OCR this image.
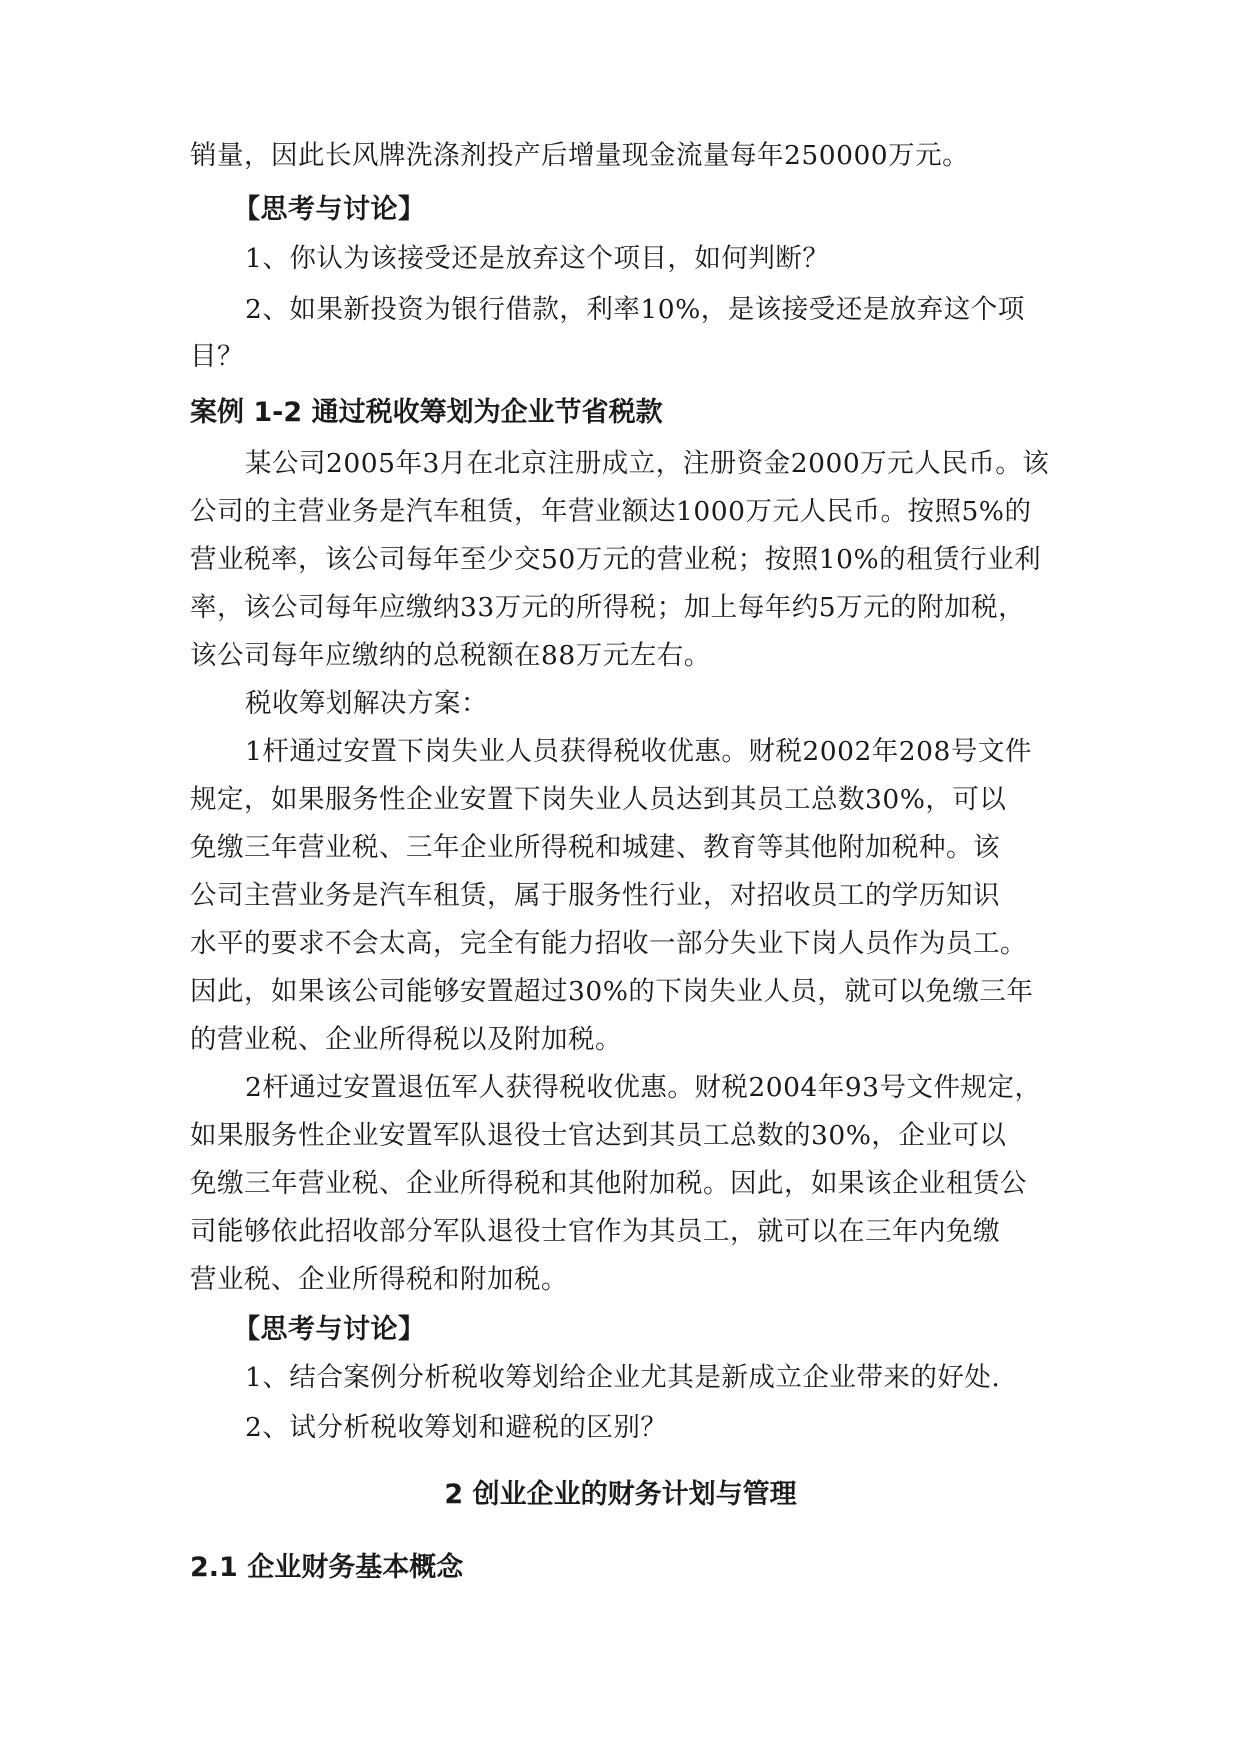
销量，因此长风牌洗涤剂投产后增量现金流量每年250000万元。
【思考与讨论】
1、你认为该接受还是放弃这个项目，如何判断？
2、如果新投资为银行借款，利率10%，是该接受还是放弃这个项
目？
案例 1-2 通过税收筹划为企业节省税款
某公司2005年3月在北京注册成立，注册资金2000万元人民币。该
公司的主营业务是汽车租赁，年营业额达1000万元人民币。按照5%的
营业税率，该公司每年至少交50万元的营业税；按照10%的租赁行业利
率，该公司每年应缴纳33万元的所得税；加上每年约5万元的附加税，
该公司每年应缴纳的总税额在88万元左右。
税收筹划解决方案：
1杆通过安置下岗失业人员获得税收优惠。财税2002年208号文件
规定，如果服务性企业安置下岗失业人员达到其员工总数30%，可以
免缴三年营业税、三年企业所得税和城建、教育等其他附加税种。该
公司主营业务是汽车租赁，属于服务性行业，对招收员工的学历知识
水平的要求不会太高，完全有能力招收一部分失业下岗人员作为员工。
因此，如果该公司能够安置超过30%的下岗失业人员，就可以免缴三年
的营业税、企业所得税以及附加税。
2杆通过安置退伍军人获得税收优惠。财税2004年93号文件规定，
如果服务性企业安置军队退役士官达到其员工总数的30%，企业可以
免缴三年营业税、企业所得税和其他附加税。因此，如果该企业租赁公
司能够依此招收部分军队退役士官作为其员工，就可以在三年内免缴
营业税、企业所得税和附加税。
【思考与讨论】
1、结合案例分析税收筹划给企业尤其是新成立企业带来的好处.
2、试分析税收筹划和避税的区别？
2 创业企业的财务计划与管理
2.1 企业财务基本概念
